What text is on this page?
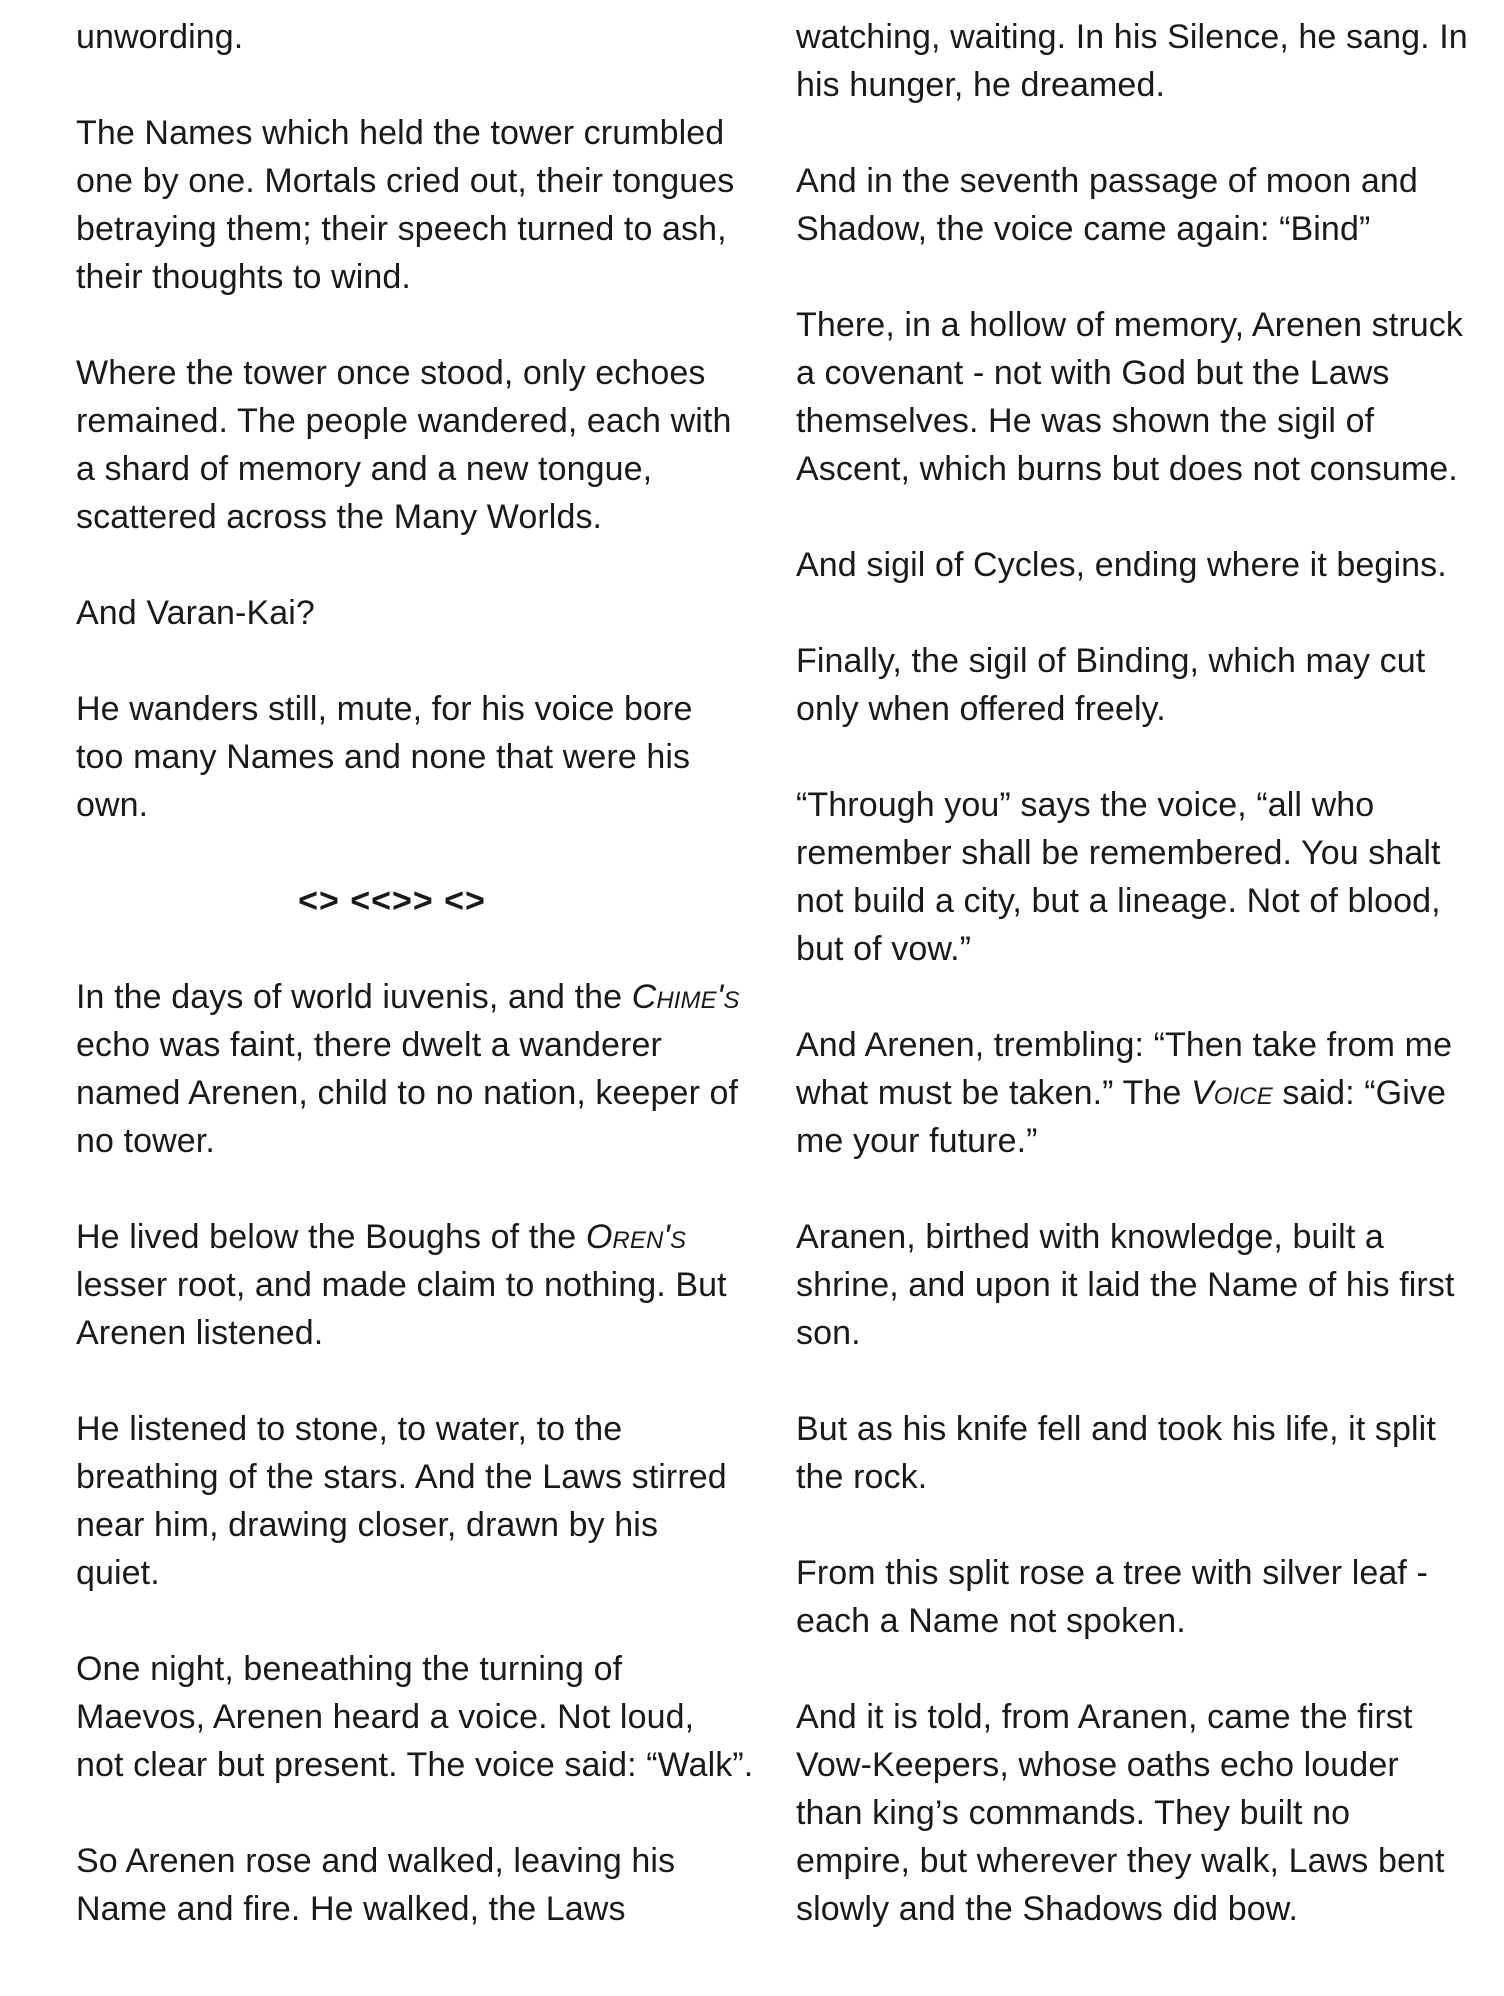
unwording.

The Names which held the tower crumbled
one by one. Mortals cried out, their tongues
betraying them; their speech turned to ash,
their thoughts to wind.

Where the tower once stood, only echoes
remained. The people wandered, each with
a shard of memory and a new tongue,
scattered across the Many Worlds.

And Varan-Kai?

He wanders still, mute, for his voice bore
too many Names and none that were his
own.

<> <<>> <>

In the days of world iuvenis, and the Chime's
echo was faint, there dwelt a wanderer
named Arenen, child to no nation, keeper of
no tower.

He lived below the Boughs of the Oren's
lesser root, and made claim to nothing. But
Arenen listened.

He listened to stone, to water, to the
breathing of the stars. And the Laws stirred
near him, drawing closer, drawn by his
quiet.

One night, beneathing the turning of
Maevos, Arenen heard a voice. Not loud,
not clear but present. The voice said: “Walk”.

So Arenen rose and walked, leaving his
Name and fire. He walked, the Laws

watching, waiting. In his Silence, he sang. In
his hunger, he dreamed.

And in the seventh passage of moon and
Shadow, the voice came again: “Bind”

There, in a hollow of memory, Arenen struck
a covenant - not with God but the Laws
themselves. He was shown the sigil of
Ascent, which burns but does not consume.

And sigil of Cycles, ending where it begins.

Finally, the sigil of Binding, which may cut
only when offered freely.

“Through you” says the voice, “all who
remember shall be remembered. You shalt
not build a city, but a lineage. Not of blood,
but of vow.”

And Arenen, trembling: “Then take from me
what must be taken.” The Voice said: “Give
me your future.”

Aranen, birthed with knowledge, built a
shrine, and upon it laid the Name of his first
son.

But as his knife fell and took his life, it split
the rock.

From this split rose a tree with silver leaf -
each a Name not spoken.

And it is told, from Aranen, came the first
Vow-Keepers, whose oaths echo louder
than king’s commands. They built no
empire, but wherever they walk, Laws bent
slowly and the Shadows did bow.
